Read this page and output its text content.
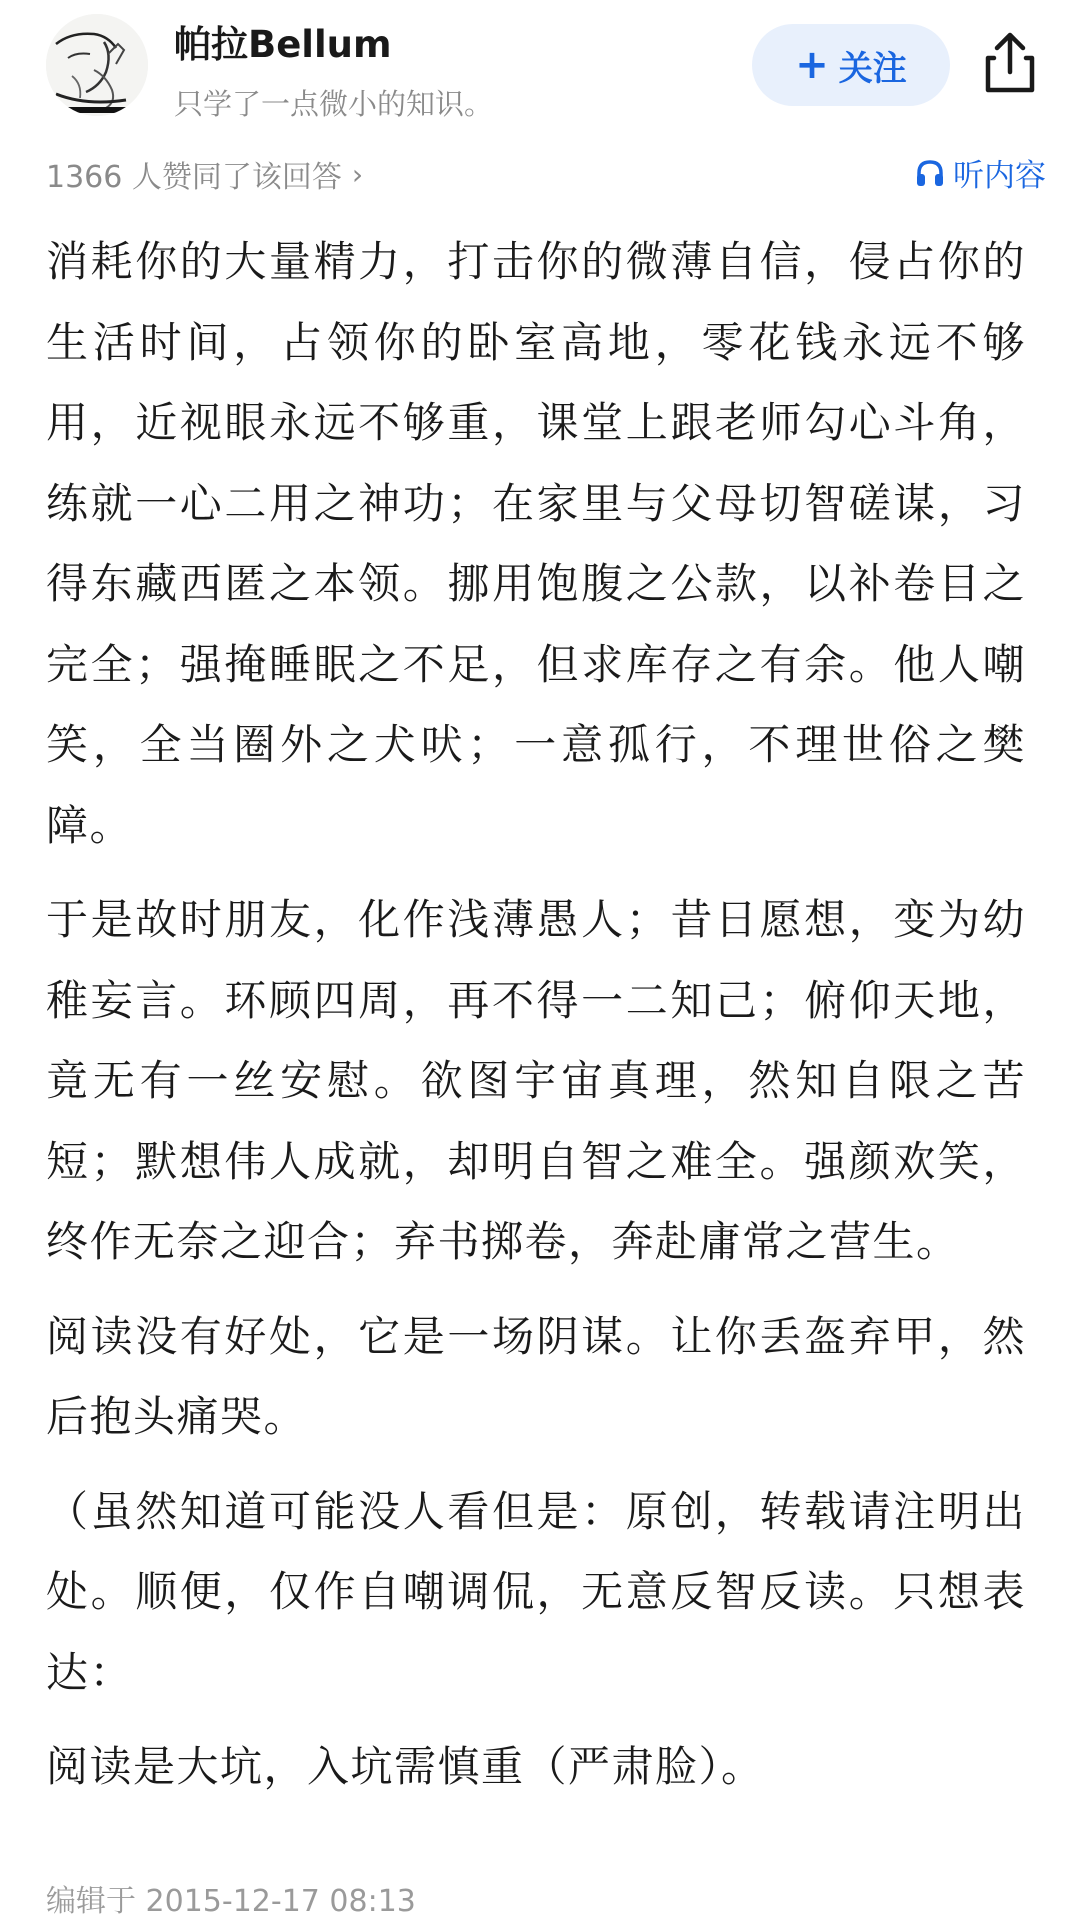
帕拉Bellum
只学了一点微小的知识。
+ 关注
1366 人赞同了该回答 ›	听内容

消耗你的大量精力，打击你的微薄自信，侵占你的生活时间，占领你的卧室高地，零花钱永远不够用，近视眼永远不够重，课堂上跟老师勾心斗角，练就一心二用之神功；在家里与父母切智磋谋，习得东藏西匿之本领。挪用饱腹之公款，以补卷目之完全；强掩睡眠之不足，但求库存之有余。他人嘲笑，全当圈外之犬吠；一意孤行，不理世俗之樊障。

于是故时朋友，化作浅薄愚人；昔日愿想，变为幼稚妄言。环顾四周，再不得一二知己；俯仰天地，竟无有一丝安慰。欲图宇宙真理，然知自限之苦短；默想伟人成就，却明自智之难全。强颜欢笑，终作无奈之迎合；弃书掷卷，奔赴庸常之营生。

阅读没有好处，它是一场阴谋。让你丢盔弃甲，然后抱头痛哭。

（虽然知道可能没人看但是：原创，转载请注明出处。顺便，仅作自嘲调侃，无意反智反读。只想表达：

阅读是大坑，入坑需慎重（严肃脸）。

编辑于 2015-12-17 08:13
